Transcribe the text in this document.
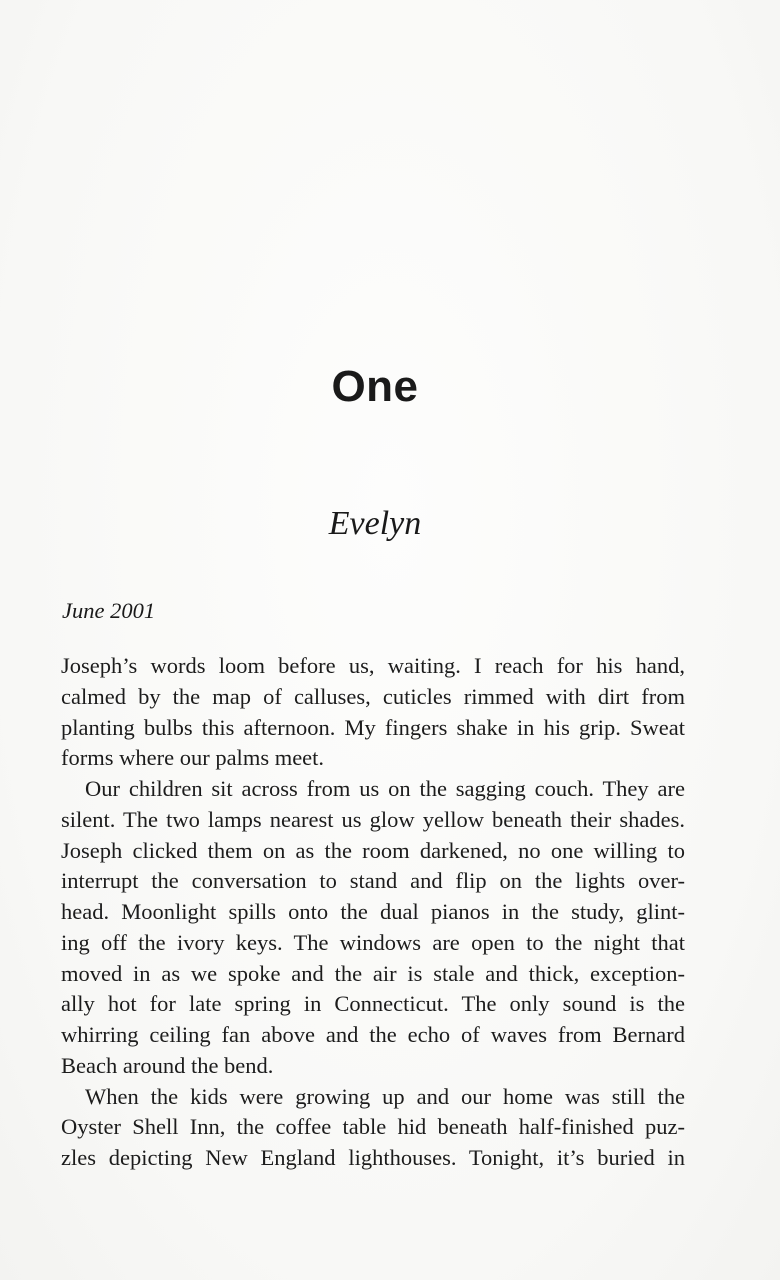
One
Evelyn
June 2001
Joseph’s words loom before us, waiting. I reach for his hand,
calmed by the map of calluses, cuticles rimmed with dirt from
planting bulbs this afternoon. My fingers shake in his grip. Sweat
forms where our palms meet.
Our children sit across from us on the sagging couch. They are
silent. The two lamps nearest us glow yellow beneath their shades.
Joseph clicked them on as the room darkened, no one willing to
interrupt the conversation to stand and flip on the lights over-
head. Moonlight spills onto the dual pianos in the study, glint-
ing off the ivory keys. The windows are open to the night that
moved in as we spoke and the air is stale and thick, exception-
ally hot for late spring in Connecticut. The only sound is the
whirring ceiling fan above and the echo of waves from Bernard
Beach around the bend.
When the kids were growing up and our home was still the
Oyster Shell Inn, the coffee table hid beneath half-finished puz-
zles depicting New England lighthouses. Tonight, it’s buried in
